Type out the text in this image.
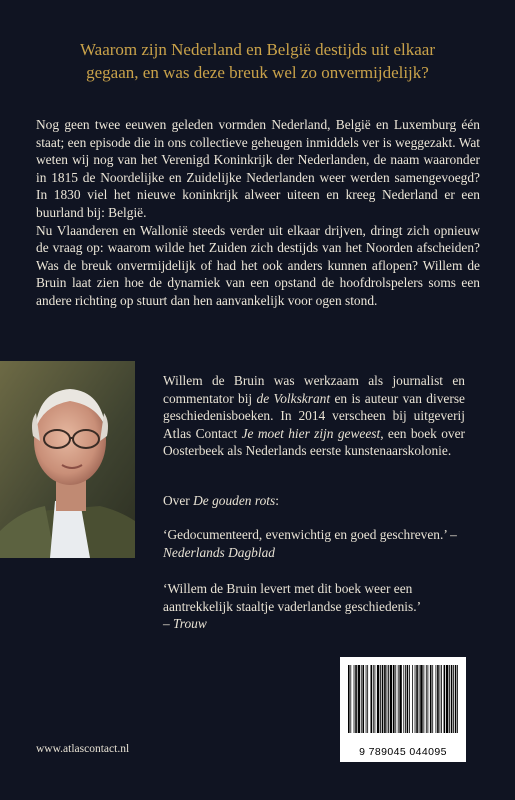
Waarom zijn Nederland en België destijds uit elkaar
gegaan, en was deze breuk wel zo onvermijdelijk?

Nog geen twee eeuwen geleden vormden Nederland, België en Luxemburg één staat; een episode die in ons collectieve geheugen inmiddels ver is weggezakt. Wat weten wij nog van het Verenigd Koninkrijk der Nederlanden, de naam waaronder in 1815 de Noordelijke en Zuidelijke Nederlanden weer werden samengevoegd? In 1830 viel het nieuwe koninkrijk alweer uiteen en kreeg Nederland er een buurland bij: België.

Nu Vlaanderen en Wallonië steeds verder uit elkaar drijven, dringt zich opnieuw de vraag op: waarom wilde het Zuiden zich destijds van het Noorden afscheiden? Was de breuk onvermijdelijk of had het ook anders kunnen aflopen? Willem de Bruin laat zien hoe de dynamiek van een opstand de hoofdrolspelers soms een andere richting op stuurt dan hen aanvankelijk voor ogen stond.

Willem de Bruin was werkzaam als journalist en commentator bij de Volkskrant en is auteur van diverse geschiedenisboeken. In 2014 verscheen bij uitgeverij Atlas Contact Je moet hier zijn geweest, een boek over Oosterbeek als Nederlands eerste kunstenaarskolonie.
Over De gouden rots:
‘Gedocumenteerd, evenwichtig en goed geschreven.’ – Nederlands Dagblad
‘Willem de Bruin levert met dit boek weer een aantrekkelijk staaltje vaderlandse geschiedenis.’
– Trouw
www.atlascontact.nl	9 789045 044095
